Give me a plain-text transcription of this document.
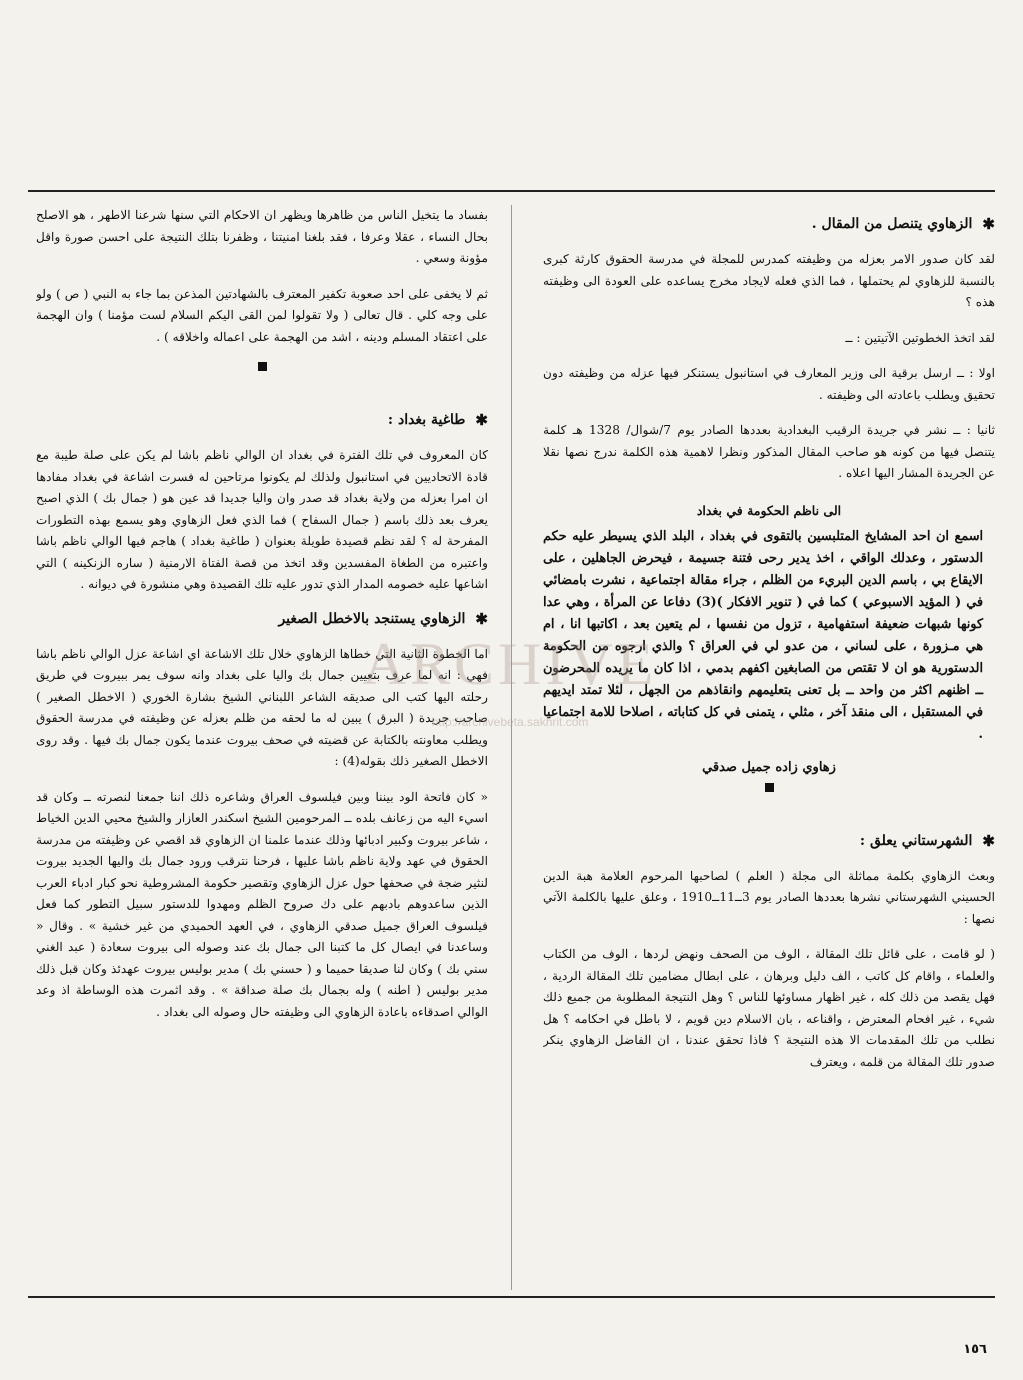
✱
الزهاوي يتنصل من المقال .

لقد كان صدور الامر بعزله من وظيفته كمدرس للمجلة في مدرسة الحقوق كارثة كبرى بالنسبة للزهاوي لم يحتملها ، فما الذي فعله لايجاد مخرج يساعده على العودة الى وظيفته هذه ؟

لقد اتخذ الخطوتين الآتيتين : ــ

اولا : ــ ارسل برقية الى وزير المعارف في استانبول يستنكر فيها عزله من وظيفته دون تحقيق ويطلب باعادته الى وظيفته .

ثانيا : ــ نشر في جريدة الرقيب البغدادية بعددها الصادر يوم 7/شوال/ 1328 هـ كلمة يتنصل فيها من كونه هو صاحب المقال المذكور ونظرا لاهمية هذه الكلمة ندرج نصها نقلا عن الجريدة المشار اليها اعلاه .

الى ناظم الحكومة في بغداد

اسمع ان احد المشايخ المتلبسين بالتقوى في بغداد ، البلد الذي يسيطر عليه حكم الدستور ، وعدلك الواقي ، اخذ يدير رحى فتنة جسيمة ، فيحرض الجاهلين ، على الايقاع بي ، باسم الدين البريء من الظلم ، جراء مقالة اجتماعية ، نشرت بامضائي في ( المؤيد الاسبوعي ) كما في ( تنوير الافكار )(3) دفاعا عن المرأة ، وهي عدا كونها شبهات ضعيفة استفهامية ، تزول من نفسها ، لم يتعين بعد ، اكاتبها انا ، ام هي مـزورة ، على لساني ، من عدو لي في العراق ؟ والذي ارجوه من الحكومة الدستورية هو ان لا تقتص من الصابغين اكفهم بدمي ، اذا كان ما يريده المحرضون ــ اظنهم اكثر من واحد ــ بل تعنى بتعليمهم وانقاذهم من الجهل ، لئلا تمتد ايديهم في المستقبل ، الى منقذ آخر ، مثلي ، يتمنى في كل كتاباته ، اصلاحا للامة اجتماعيا .

زهاوي زاده جميل صدقي
✱
الشهرستاني يعلق :

وبعث الزهاوي بكلمة مماثلة الى مجلة ( العلم ) لصاحبها المرحوم العلامة هبة الدين الحسيني الشهرستاني نشرها بعددها الصادر يوم 3ــ11ــ1910 ، وعلق عليها بالكلمة الآتي نصها :

( لو قامت ، على قائل تلك المقالة ، الوف من الصحف ونهض لردها ، الوف من الكتاب والعلماء ، واقام كل كاتب ، الف دليل وبرهان ، على ابطال مضامين تلك المقالة الردية ، فهل يقصد من ذلك كله ، غير اظهار مساوئها للناس ؟ وهل النتيجة المطلوبة من جميع ذلك شيء ، غير افحام المعترض ، واقناعه ، بان الاسلام دين قويم ، لا باطل في احكامه ؟ هل نطلب من تلك المقدمات الا هذه النتيجة ؟ فاذا تحقق عندنا ، ان الفاضل الزهاوي ينكر صدور تلك المقالة من قلمه ، ويعترف

بفساد ما يتخيل الناس من ظاهرها ويظهر ان الاحكام التي سنها شرعنا الاطهر ، هو الاصلح بحال النساء ، عقلا وعرفا ، فقد بلغنا امنيتنا ، وظفرنا بتلك النتيجة على احسن صورة واقل مؤونة وسعي .

ثم لا يخفى على احد صعوبة تكفير المعترف بالشهادتين المذعن بما جاء به النبي ( ص ) ولو على وجه كلي . قال تعالى ( ولا تقولوا لمن القى اليكم السلام لست مؤمنا ) وان الهجمة على اعتقاد المسلم ودينه ، اشد من الهجمة على اعماله واخلاقه ) .

✱
طاغية بغداد :

كان المعروف في تلك الفترة في بغداد ان الوالي ناظم باشا لم يكن على صلة طيبة مع قادة الاتحاديين في استانبول ولذلك لم يكونوا مرتاحين له فسرت اشاعة في بغداد مفادها ان امرا بعزله من ولاية بغداد قد صدر وان واليا جديدا قد عين هو ( جمال بك ) الذي اصبح يعرف بعد ذلك باسم ( جمال السفاح ) فما الذي فعل الزهاوي وهو يسمع بهذه التطورات المفرحة له ؟ لقد نظم قصيدة طويلة بعنوان ( طاغية بغداد ) هاجم فيها الوالي ناظم باشا واعتبره من الطغاة المفسدين وقد اتخذ من قصة الفتاة الارمنية ( ساره الزنكينه ) التي اشاعها عليه خصومه المدار الذي تدور عليه تلك القصيدة وهي منشورة في ديوانه .

✱
الزهاوي يستنجد بالاخطل الصغير

اما الخطوة الثانية التي خطاها الزهاوي خلال تلك الاشاعة اي اشاعة عزل الوالي ناظم باشا فهي : انه لما عرف بتعيين جمال بك واليا على بغداد وانه سوف يمر ببيروت في طريق رحلته اليها كتب الى صديقه الشاعر اللبناني الشيخ بشارة الخوري ( الاخطل الصغير ) صاحب جريدة ( البرق ) يبين له ما لحقه من ظلم بعزله عن وظيفته في مدرسة الحقوق ويطلب معاونته بالكتابة عن قضيته في صحف بيروت عندما يكون جمال بك فيها . وقد روى الاخطل الصغير ذلك بقوله(4) :

« كان فاتحة الود بيننا وبين فيلسوف العراق وشاعره ذلك اننا جمعنا لنصرته ــ وكان قد اسيء اليه من زعانف بلده ــ المرحومين الشيخ اسكندر العازار والشيخ محيي الدين الخياط ، شاعر بيروت وكبير ادبائها وذلك عندما علمنا ان الزهاوي قد اقصي عن وظيفته من مدرسة الحقوق في عهد ولاية ناظم باشا عليها ، فرحنا نترقب ورود جمال بك واليها الجديد بيروت لنثير ضجة في صحفها حول عزل الزهاوي وتقصير حكومة المشروطية نحو كبار ادباء العرب الذين ساعدوهم بادبهم على دك صروح الظلم ومهدوا للدستور سبيل التطور كما فعل فيلسوف العراق جميل صدقي الزهاوي ، في العهد الحميدي من غير خشية » . وقال « وساعدنا في ايصال كل ما كتبنا الى جمال بك عند وصوله الى بيروت سعادة ( عبد الغني سني بك ) وكان لنا صديقا حميما و ( حسني بك ) مدير بوليس بيروت عهدئذ وكان قبل ذلك مدير بوليس ( اطنه ) وله بجمال بك صلة صداقة » . وقد اثمرت هذه الوساطة اذ وعد الوالي اصدقاءه باعادة الزهاوي الى وظيفته حال وصوله الى بغداد .

ARCHIVE
http://archivebeta.sakhrit.com
١٥٦
